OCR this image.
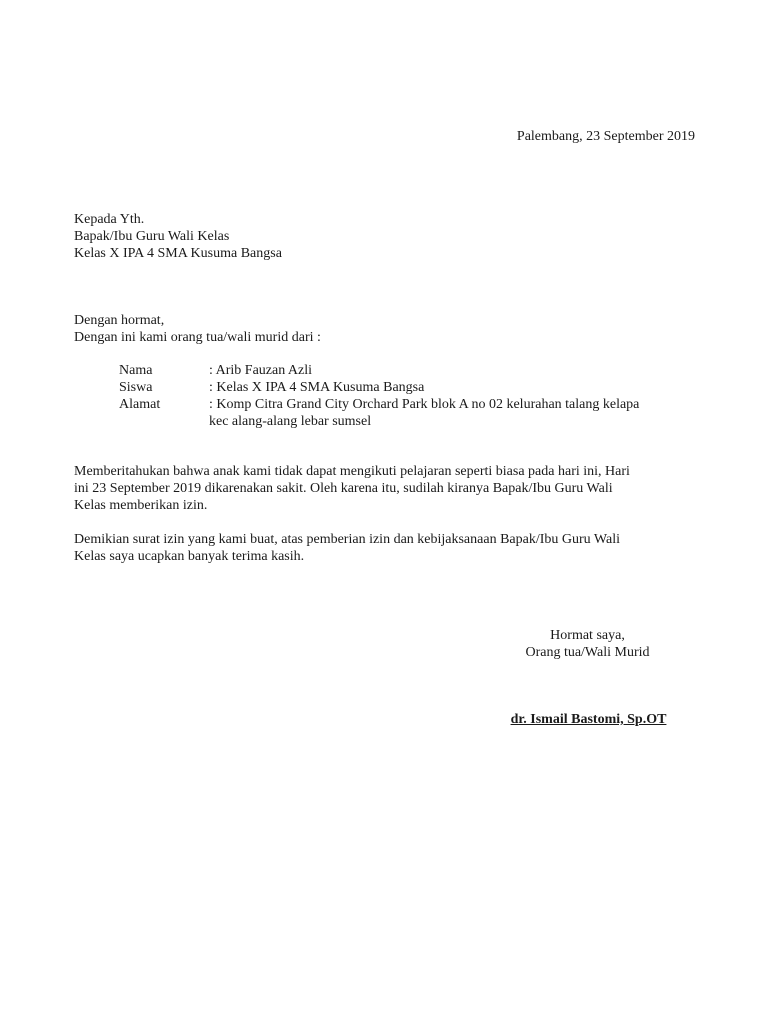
Palembang, 23 September 2019
Kepada Yth.
Bapak/Ibu Guru Wali Kelas
Kelas X IPA 4 SMA Kusuma Bangsa
Dengan hormat,
Dengan ini kami orang tua/wali murid dari :
Nama	: Arib Fauzan Azli
Siswa	: Kelas X IPA 4 SMA Kusuma Bangsa
Alamat	: Komp Citra Grand City Orchard Park blok A no 02 kelurahan talang kelapa
kec alang-alang lebar sumsel
Memberitahukan bahwa anak kami tidak dapat mengikuti pelajaran seperti biasa pada hari ini, Hari
ini 23 September 2019 dikarenakan sakit. Oleh karena itu, sudilah kiranya Bapak/Ibu Guru Wali
Kelas memberikan izin.
Demikian surat izin yang kami buat, atas pemberian izin dan kebijaksanaan Bapak/Ibu Guru Wali
Kelas saya ucapkan banyak terima kasih.
Hormat saya,
Orang tua/Wali Murid
dr. Ismail Bastomi, Sp.OT
